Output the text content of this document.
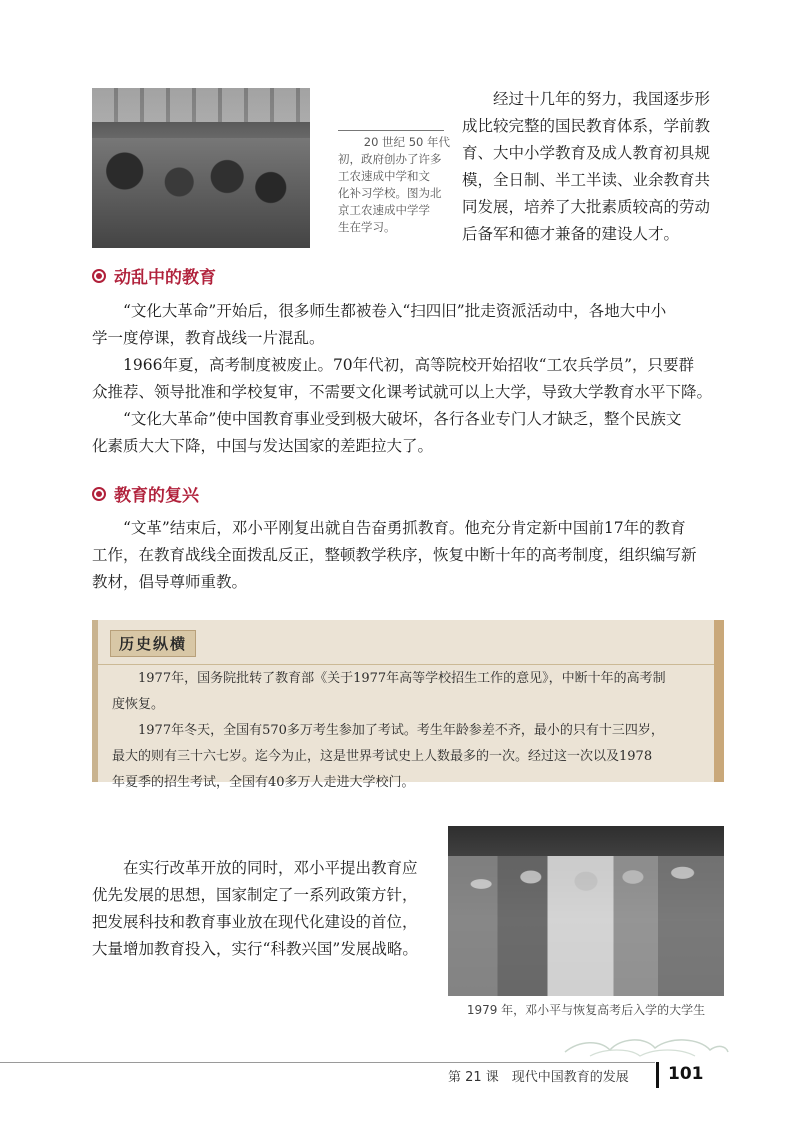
20 世纪 50 年代
初，政府创办了许多
工农速成中学和文
化补习学校。图为北
京工农速成中学学
生在学习。
经过十几年的努力，我国逐步形
成比较完整的国民教育体系，学前教
育、大中小学教育及成人教育初具规
模，全日制、半工半读、业余教育共
同发展，培养了大批素质较高的劳动
后备军和德才兼备的建设人才。
动乱中的教育
“文化大革命”开始后，很多师生都被卷入“扫四旧”批走资派活动中，各地大中小
学一度停课，教育战线一片混乱。
1966年夏，高考制度被废止。70年代初，高等院校开始招收“工农兵学员”，只要群
众推荐、领导批准和学校复审，不需要文化课考试就可以上大学，导致大学教育水平下降。
“文化大革命”使中国教育事业受到极大破坏，各行各业专门人才缺乏，整个民族文
化素质大大下降，中国与发达国家的差距拉大了。
教育的复兴
“文革”结束后，邓小平刚复出就自告奋勇抓教育。他充分肯定新中国前17年的教育
工作，在教育战线全面拨乱反正，整顿教学秩序，恢复中断十年的高考制度，组织编写新
教材，倡导尊师重教。
历史纵横
1977年，国务院批转了教育部《关于1977年高等学校招生工作的意见》，中断十年的高考制
度恢复。
1977年冬天，全国有570多万考生参加了考试。考生年龄参差不齐，最小的只有十三四岁，
最大的则有三十六七岁。迄今为止，这是世界考试史上人数最多的一次。经过这一次以及1978
年夏季的招生考试，全国有40多万人走进大学校门。
在实行改革开放的同时，邓小平提出教育应
优先发展的思想，国家制定了一系列政策方针，
把发展科技和教育事业放在现代化建设的首位，
大量增加教育投入，实行“科教兴国”发展战略。
1979 年，邓小平与恢复高考后入学的大学生
第 21 课　现代中国教育的发展 101
